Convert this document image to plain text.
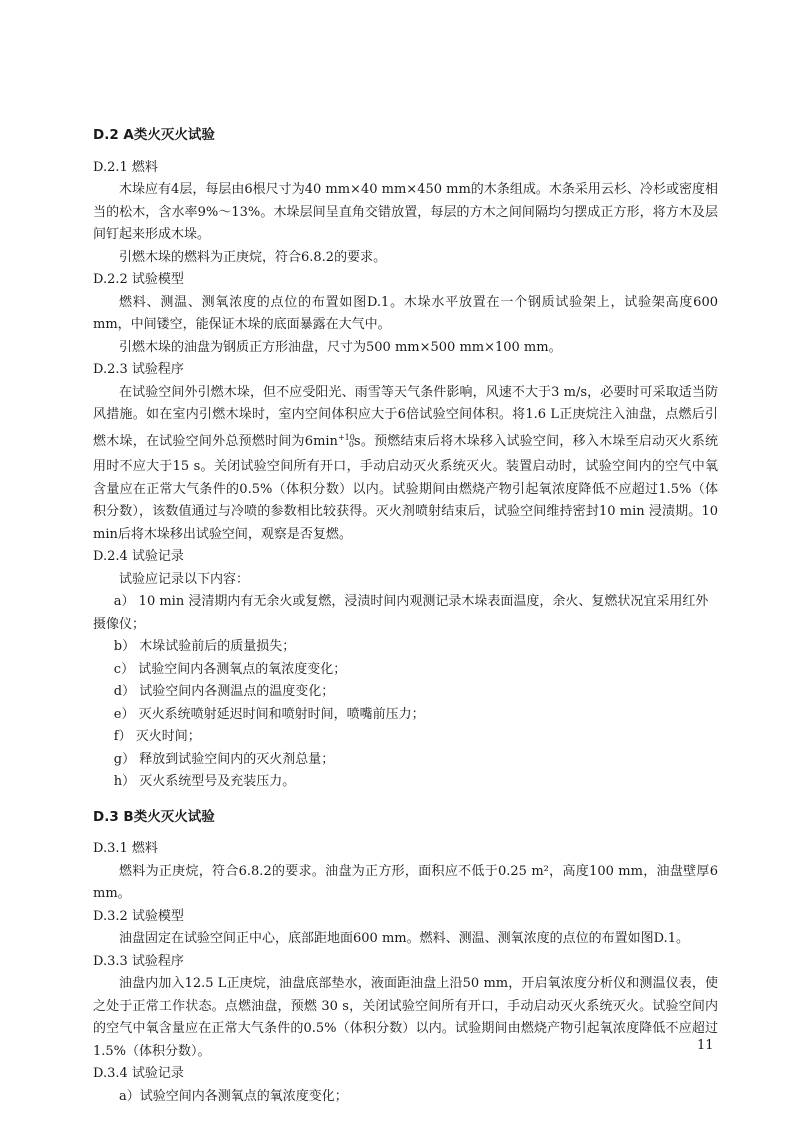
D.2 A类火灭火试验
D.2.1 燃料

木垛应有4层，每层由6根尺寸为40 mm×40 mm×450 mm的木条组成。木条采用云杉、冷杉或密度相当的松木，含水率9%～13%。木垛层间呈直角交错放置，每层的方木之间间隔均匀摆成正方形，将方木及层间钉起来形成木垛。

引燃木垛的燃料为正庚烷，符合6.8.2的要求。

D.2.2 试验模型

燃料、测温、测氧浓度的点位的布置如图D.1。木垛水平放置在一个钢质试验架上，试验架高度600 mm，中间镂空，能保证木垛的底面暴露在大气中。

引燃木垛的油盘为钢质正方形油盘，尺寸为500 mm×500 mm×100 mm。

D.2.3 试验程序

在试验空间外引燃木垛，但不应受阳光、雨雪等天气条件影响，风速不大于3 m/s，必要时可采取适当防风措施。如在室内引燃木垛时，室内空间体积应大于6倍试验空间体积。将1.6 L正庚烷注入油盘，点燃后引燃木垛，在试验空间外总预燃时间为$6\min^{+10}_0s$。预燃结束后将木垛移入试验空间，移入木垛至启动灭火系统用时不应大于15 s。关闭试验空间所有开口，手动启动灭火系统灭火。装置启动时，试验空间内的空气中氧含量应在正常大气条件的0.5%（体积分数）以内。试验期间由燃烧产物引起氧浓度降低不应超过1.5%（体积分数），该数值通过与冷喷的参数相比较获得。灭火剂喷射结束后，试验空间维持密封10 min 浸渍期。10 min后将木垛移出试验空间，观察是否复燃。

D.2.4 试验记录

试验应记录以下内容：

a） 10 min 浸清期内有无余火或复燃，浸渍时间内观测记录木垛表面温度，余火、复燃状况宜采用红外摄像仪；

b） 木垛试验前后的质量损失；

c） 试验空间内各测氧点的氧浓度变化；

d） 试验空间内各测温点的温度变化；

e） 灭火系统喷射延迟时间和喷射时间，喷嘴前压力；

f） 灭火时间；

g） 释放到试验空间内的灭火剂总量；

h） 灭火系统型号及充装压力。

D.3 B类火灭火试验
D.3.1 燃料

燃料为正庚烷，符合6.8.2的要求。油盘为正方形，面积应不低于0.25 m²，高度100 mm，油盘壁厚6 mm。

D.3.2 试验模型

油盘固定在试验空间正中心，底部距地面600 mm。燃料、测温、测氧浓度的点位的布置如图D.1。

D.3.3 试验程序

油盘内加入12.5 L正庚烷，油盘底部垫水，液面距油盘上沿50 mm，开启氧浓度分析仪和测温仪表，使之处于正常工作状态。点燃油盘，预燃 30 s，关闭试验空间所有开口，手动启动灭火系统灭火。试验空间内的空气中氧含量应在正常大气条件的0.5%（体积分数）以内。试验期间由燃烧产物引起氧浓度降低不应超过1.5%（体积分数）。

D.3.4 试验记录

a）试验空间内各测氧点的氧浓度变化；

11
